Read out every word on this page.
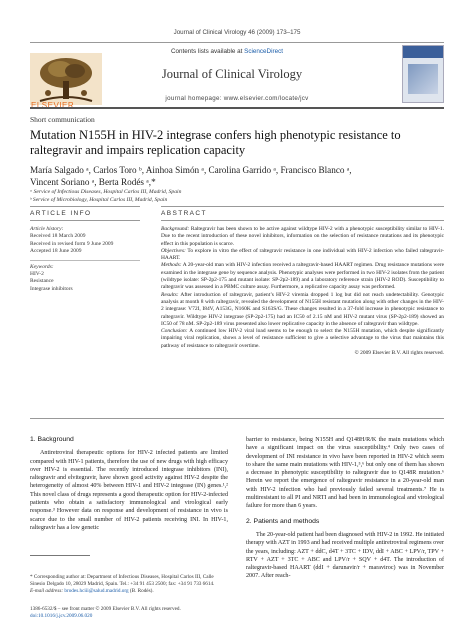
Journal of Clinical Virology 46 (2009) 173–175
Contents lists available at ScienceDirect
ELSEVIER
Journal of Clinical Virology
journal homepage: www.elsevier.com/locate/jcv
Short communication
Mutation N155H in HIV-2 integrase confers high phenotypic resistance to raltegravir and impairs replication capacity
María Salgado ᵃ, Carlos Toro ᵇ, Ainhoa Simón ᵃ, Carolina Garrido ᵃ, Francisco Blanco ᵃ,
Vincent Soriano ᵃ, Berta Rodés ᵃ,*
ᵃ Service of Infectious Diseases, Hospital Carlos III, Madrid, Spain
ᵇ Service of Microbiology, Hospital Carlos III, Madrid, Spain
ARTICLE INFO	ABSTRACT
Article history:
Received 18 March 2009
Received in revised form 9 June 2009
Accepted 18 June 2009
Keywords:
HIV-2
Resistance
Integrase inhibitors
Background: Raltegravir has been shown to be active against wildtype HIV-2 with a phenotypic susceptibility similar to HIV-1. Due to the recent introduction of these novel inhibitors, information on the selection of resistance mutations and its phenotypic effect in this population is scarce.
Objectives: To explore in vitro the effect of raltegravir resistance in one individual with HIV-2 infection who failed raltegravir-HAART.
Methods: A 20-year-old man with HIV-2 infection received a raltegravir-based HAART regimen. Drug resistance mutations were examined in the integrase gene by sequence analysis. Phenotypic analyses were performed in two HIV-2 isolates from the patient (wildtype isolate: SP-2p2-175 and mutant isolate: SP-2p2-189) and a laboratory reference strain (HIV-2 ROD). Susceptibility to raltegravir was assessed in a PBMC culture assay. Furthermore, a replicative capacity assay was performed.
Results: After introduction of raltegravir, patient’s HIV-2 viremia dropped 1 log but did not reach undetectability. Genotypic analysis at month 8 with raltegravir, revealed the development of N155H resistant mutation along with other changes in the HIV-2 integrase: V72I, I84V, A153G, N160K and S163S/G. These changes resulted in a 37-fold increase in phenotypic resistance to raltegravir. Wildtype HIV-2 integrase (SP-2p2-175) had an IC50 of 2.15 nM and HIV-2 mutant virus (SP-2p2-189) showed an IC50 of 78 nM. SP-2p2-189 virus presented also lower replicative capacity in the absence of raltegravir than wildtype.
Conclusion: A continued low HIV-2 viral load seems to be enough to select the N155H mutation, which despite significantly impairing viral replication, shows a level of resistance sufficient to give a selective advantage to the virus that maintains this pathway of resistance to raltegravir overtime.
© 2009 Elsevier B.V. All rights reserved.
1. Background
Antiretroviral therapeutic options for HIV-2 infected patients are limited compared with HIV-1 patients, therefore the use of new drugs with high efficacy over HIV-2 is essential. The recently introduced integrase inhibitors (INI), raltegravir and elvitegravir, have shown good activity against HIV-2 despite the heterogeneity of almost 40% between HIV-1 and HIV-2 integrase (IN) genes.¹,² This novel class of drugs represents a good therapeutic option for HIV-2-infected patients who obtain a satisfactory immunological and virological early response.³ However data on response and development of resistance in vivo is scarce due to the small number of HIV-2 patients receiving INI. In HIV-1, raltegravir has a low genetic
barrier to resistance, being N155H and Q148H/R/K the main mutations which have a significant impact on the virus susceptibility.⁴ Only two cases of development of INI resistance in vivo have been reported in HIV-2 which seem to share the same main mutations with HIV-1,⁵,⁶ but only one of them has shown a decrease in phenotypic susceptibility to raltegravir due to Q148R mutation.⁶ Herein we report the emergence of raltegravir resistance in a 20-year-old man with HIV-2 infection who had previously failed several treatments.⁷ He is multiresistant to all PI and NRTI and had been in immunological and virological failure for more than 6 years.
2. Patients and methods
The 20-year-old patient had been diagnosed with HIV-2 in 1992. He initiated therapy with AZT in 1993 and had received multiple antiretroviral regimens over the years, including: AZT + ddC, d4T + 3TC + IDV, ddI + ABC + LPV/r, TPV + RTV + AZT + 3TC + ABC and LPV/r + SQV + d4T. The introduction of raltegravir-based HAART (ddI + darunavir/r + maraviroc) was in November 2007. After reach-
* Corresponding author at: Department of Infectious Diseases, Hospital Carlos III, Calle Sinesio Delgado 10, 28029 Madrid, Spain. Tel.: +34 91 453 2500; fax: +34 91 733 6614.
E-mail address: brodes.hciii@salud.madrid.org (B. Rodés).
1386-6532/$ – see front matter © 2009 Elsevier B.V. All rights reserved.
doi:10.1016/j.jcv.2009.06.020
